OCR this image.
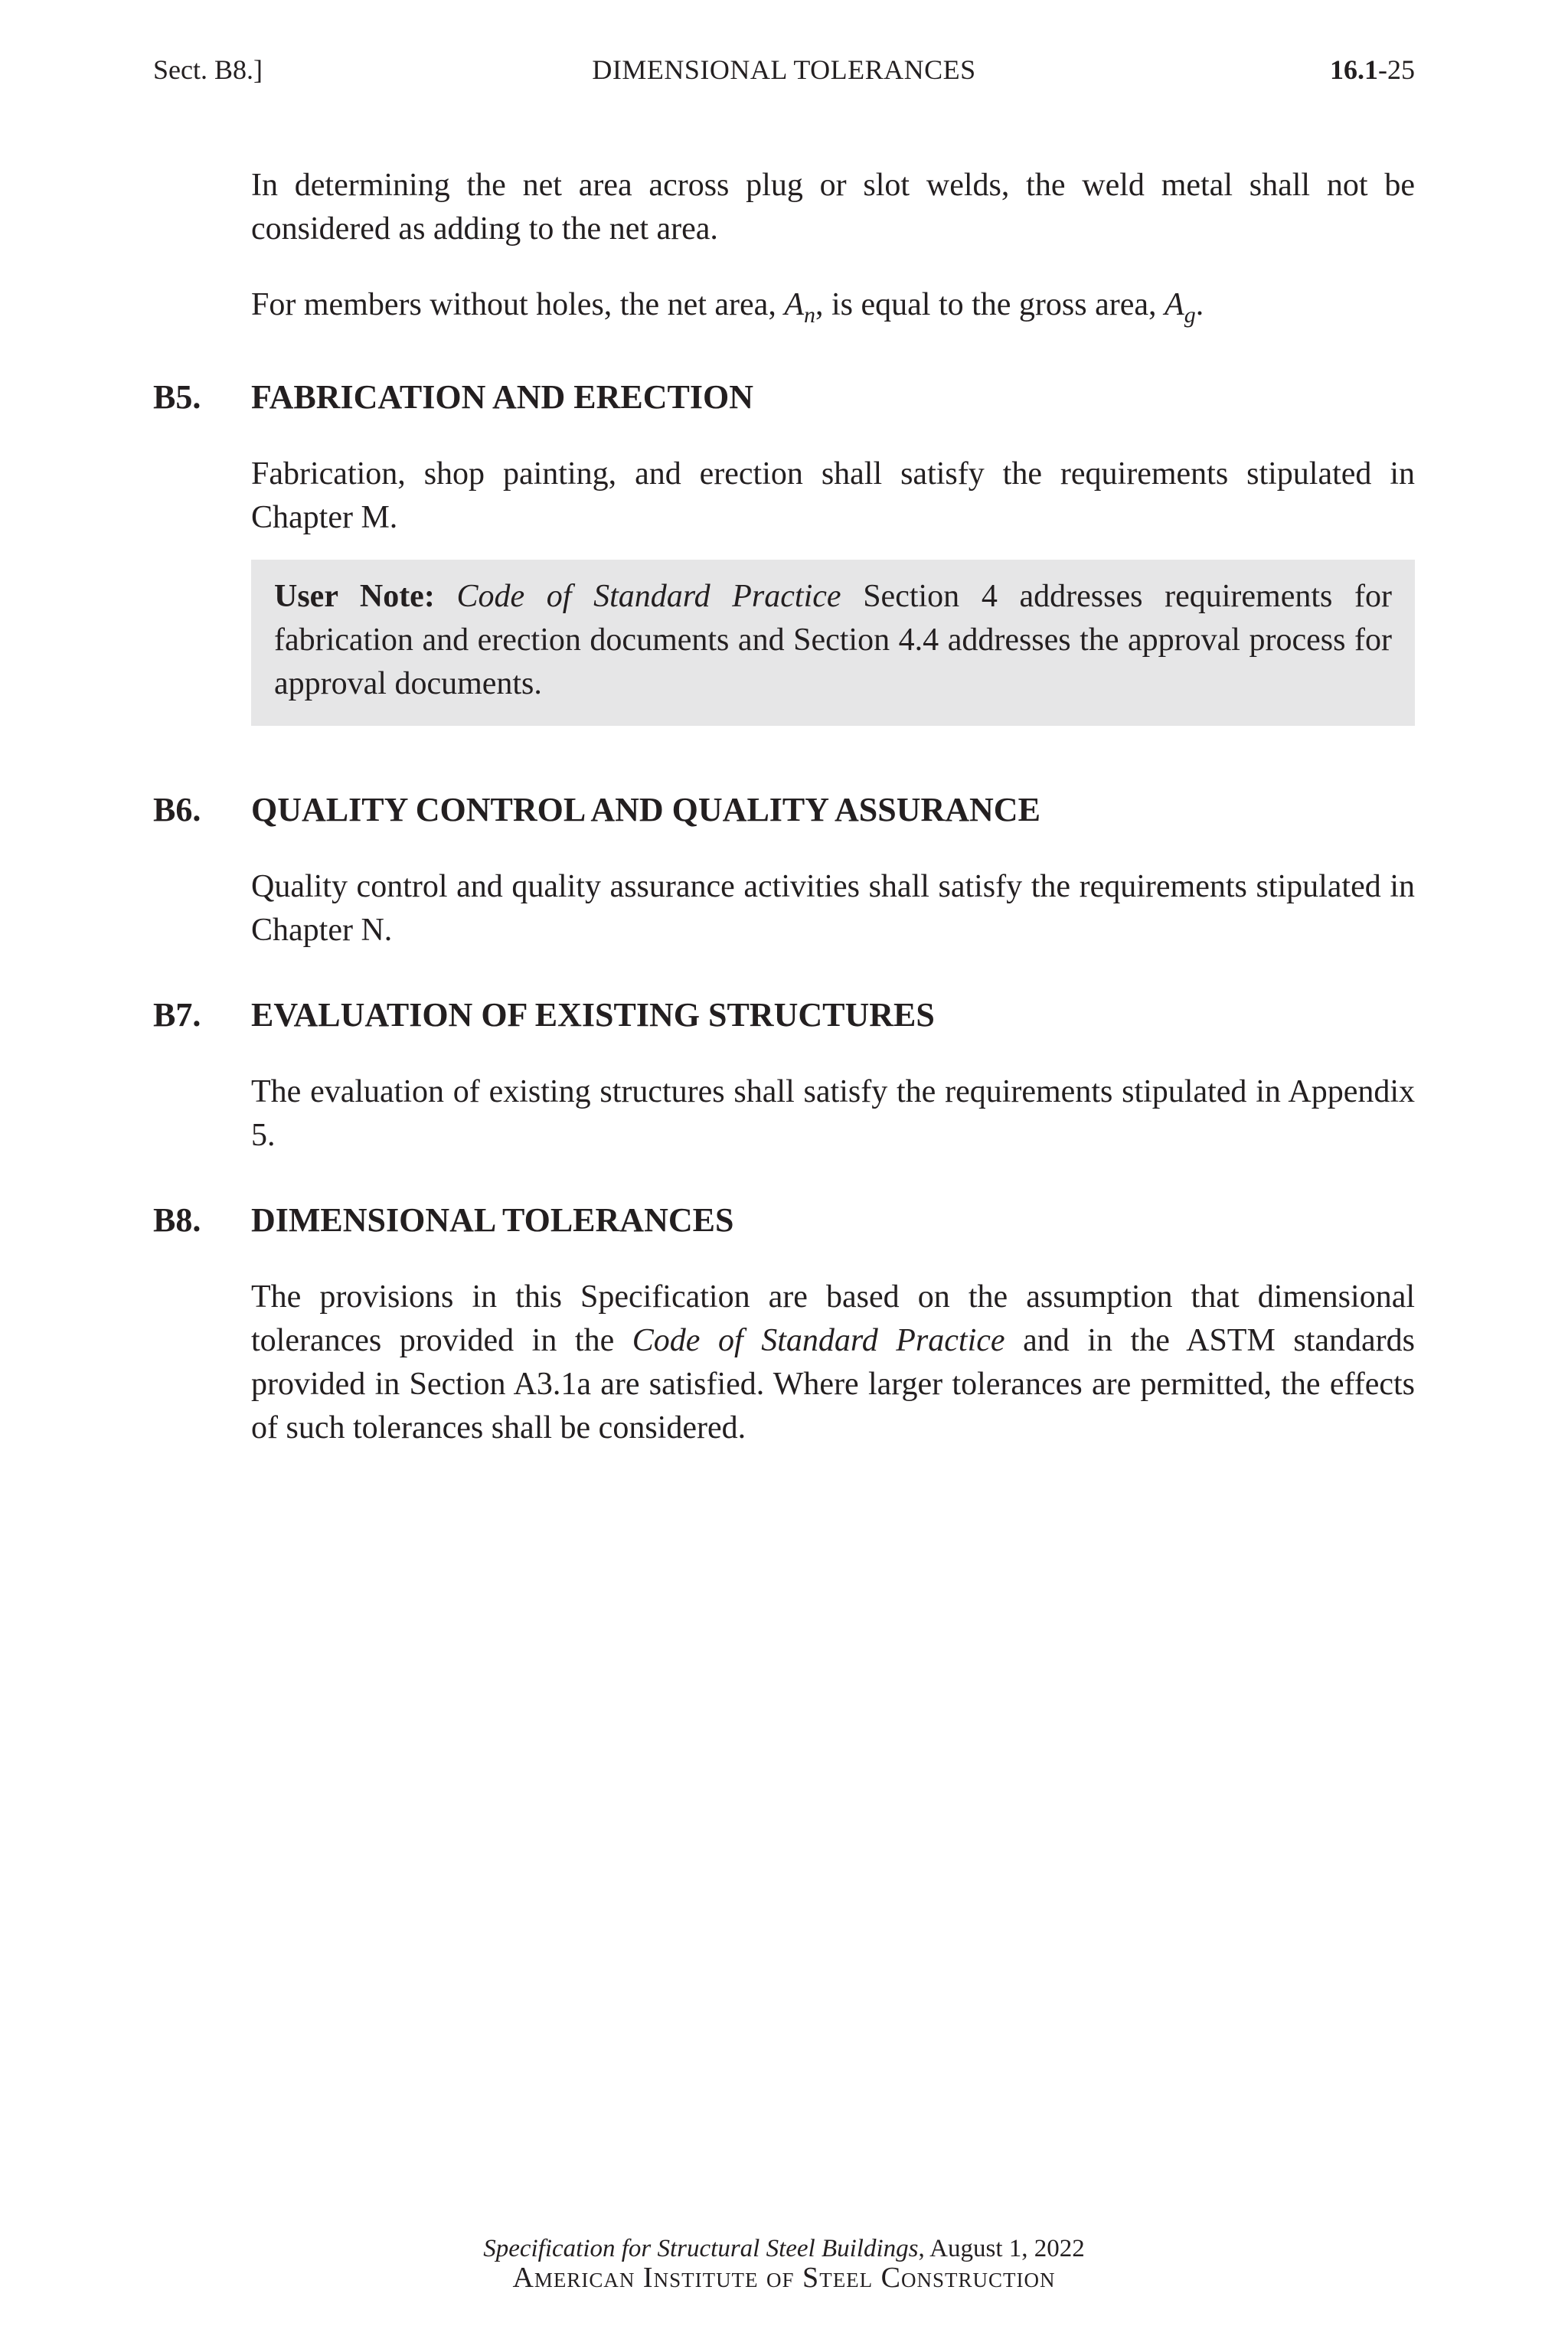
Sect. B8.]	DIMENSIONAL TOLERANCES	16.1-25

In determining the net area across plug or slot welds, the weld metal shall not be considered as adding to the net area.

For members without holes, the net area, $A_n$, is equal to the gross area, $A_g$.

B5.	FABRICATION AND ERECTION

Fabrication, shop painting, and erection shall satisfy the requirements stipulated in Chapter M.

User Note: Code of Standard Practice Section 4 addresses requirements for fabrication and erection documents and Section 4.4 addresses the approval process for approval documents.
B6.	QUALITY CONTROL AND QUALITY ASSURANCE

Quality control and quality assurance activities shall satisfy the requirements stipulated in Chapter N.

B7.	EVALUATION OF EXISTING STRUCTURES

The evaluation of existing structures shall satisfy the requirements stipulated in Appendix 5.

B8.	DIMENSIONAL TOLERANCES

The provisions in this Specification are based on the assumption that dimensional tolerances provided in the Code of Standard Practice and in the ASTM standards provided in Section A3.1a are satisfied. Where larger tolerances are permitted, the effects of such tolerances shall be considered.

Specification for Structural Steel Buildings, August 1, 2022
American Institute of Steel Construction
